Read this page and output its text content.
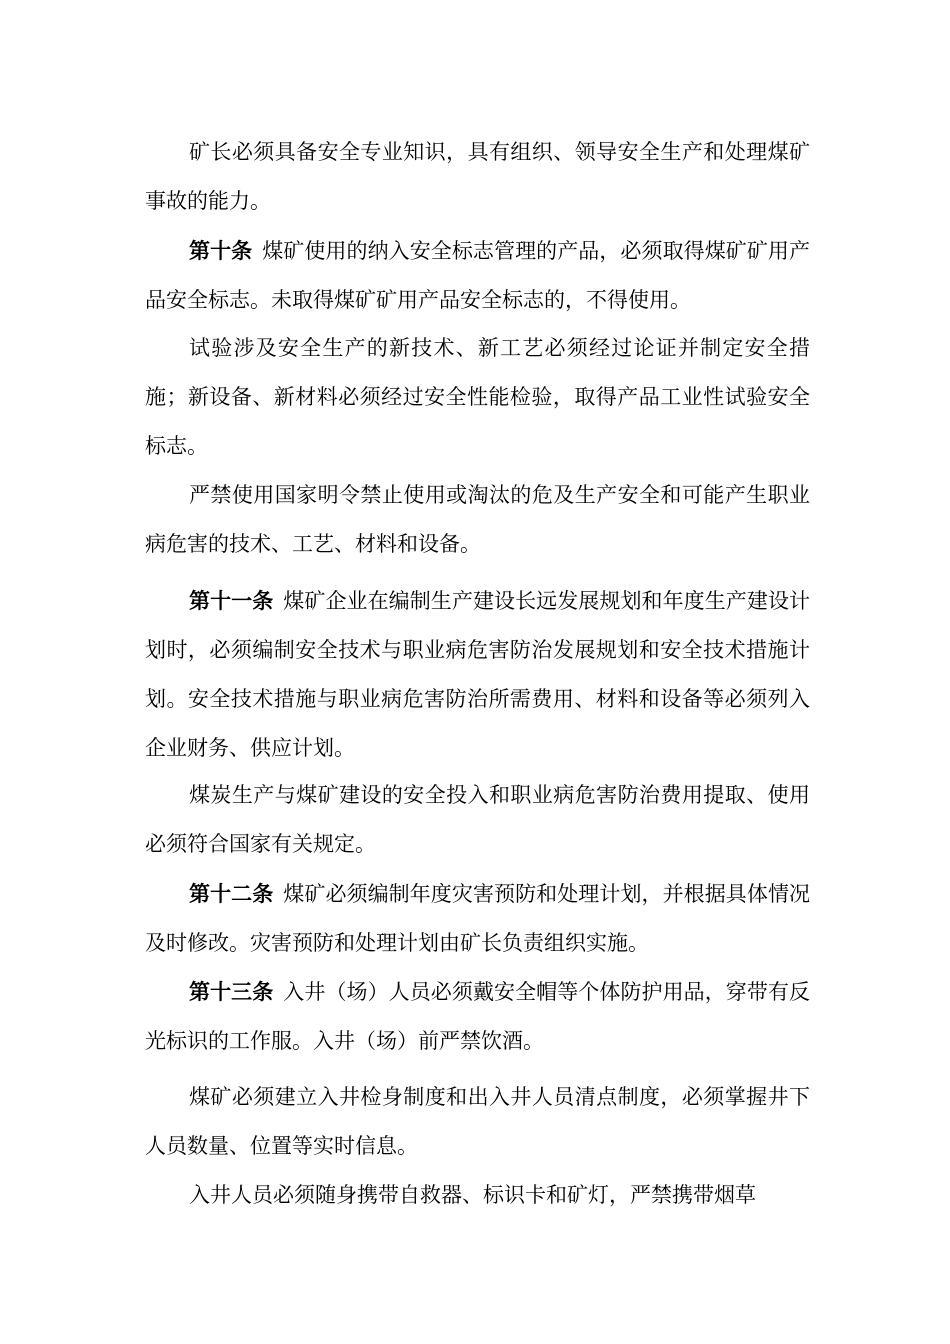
矿长必须具备安全专业知识，具有组织、领导安全生产和处理煤矿事故的能力。

第十条 煤矿使用的纳入安全标志管理的产品，必须取得煤矿矿用产品安全标志。未取得煤矿矿用产品安全标志的，不得使用。

试验涉及安全生产的新技术、新工艺必须经过论证并制定安全措施；新设备、新材料必须经过安全性能检验，取得产品工业性试验安全标志。

严禁使用国家明令禁止使用或淘汰的危及生产安全和可能产生职业病危害的技术、工艺、材料和设备。

第十一条 煤矿企业在编制生产建设长远发展规划和年度生产建设计划时，必须编制安全技术与职业病危害防治发展规划和安全技术措施计划。安全技术措施与职业病危害防治所需费用、材料和设备等必须列入企业财务、供应计划。

煤炭生产与煤矿建设的安全投入和职业病危害防治费用提取、使用必须符合国家有关规定。

第十二条 煤矿必须编制年度灾害预防和处理计划，并根据具体情况及时修改。灾害预防和处理计划由矿长负责组织实施。

第十三条 入井（场）人员必须戴安全帽等个体防护用品，穿带有反光标识的工作服。入井（场）前严禁饮酒。

煤矿必须建立入井检身制度和出入井人员清点制度，必须掌握井下人员数量、位置等实时信息。

入井人员必须随身携带自救器、标识卡和矿灯，严禁携带烟草
